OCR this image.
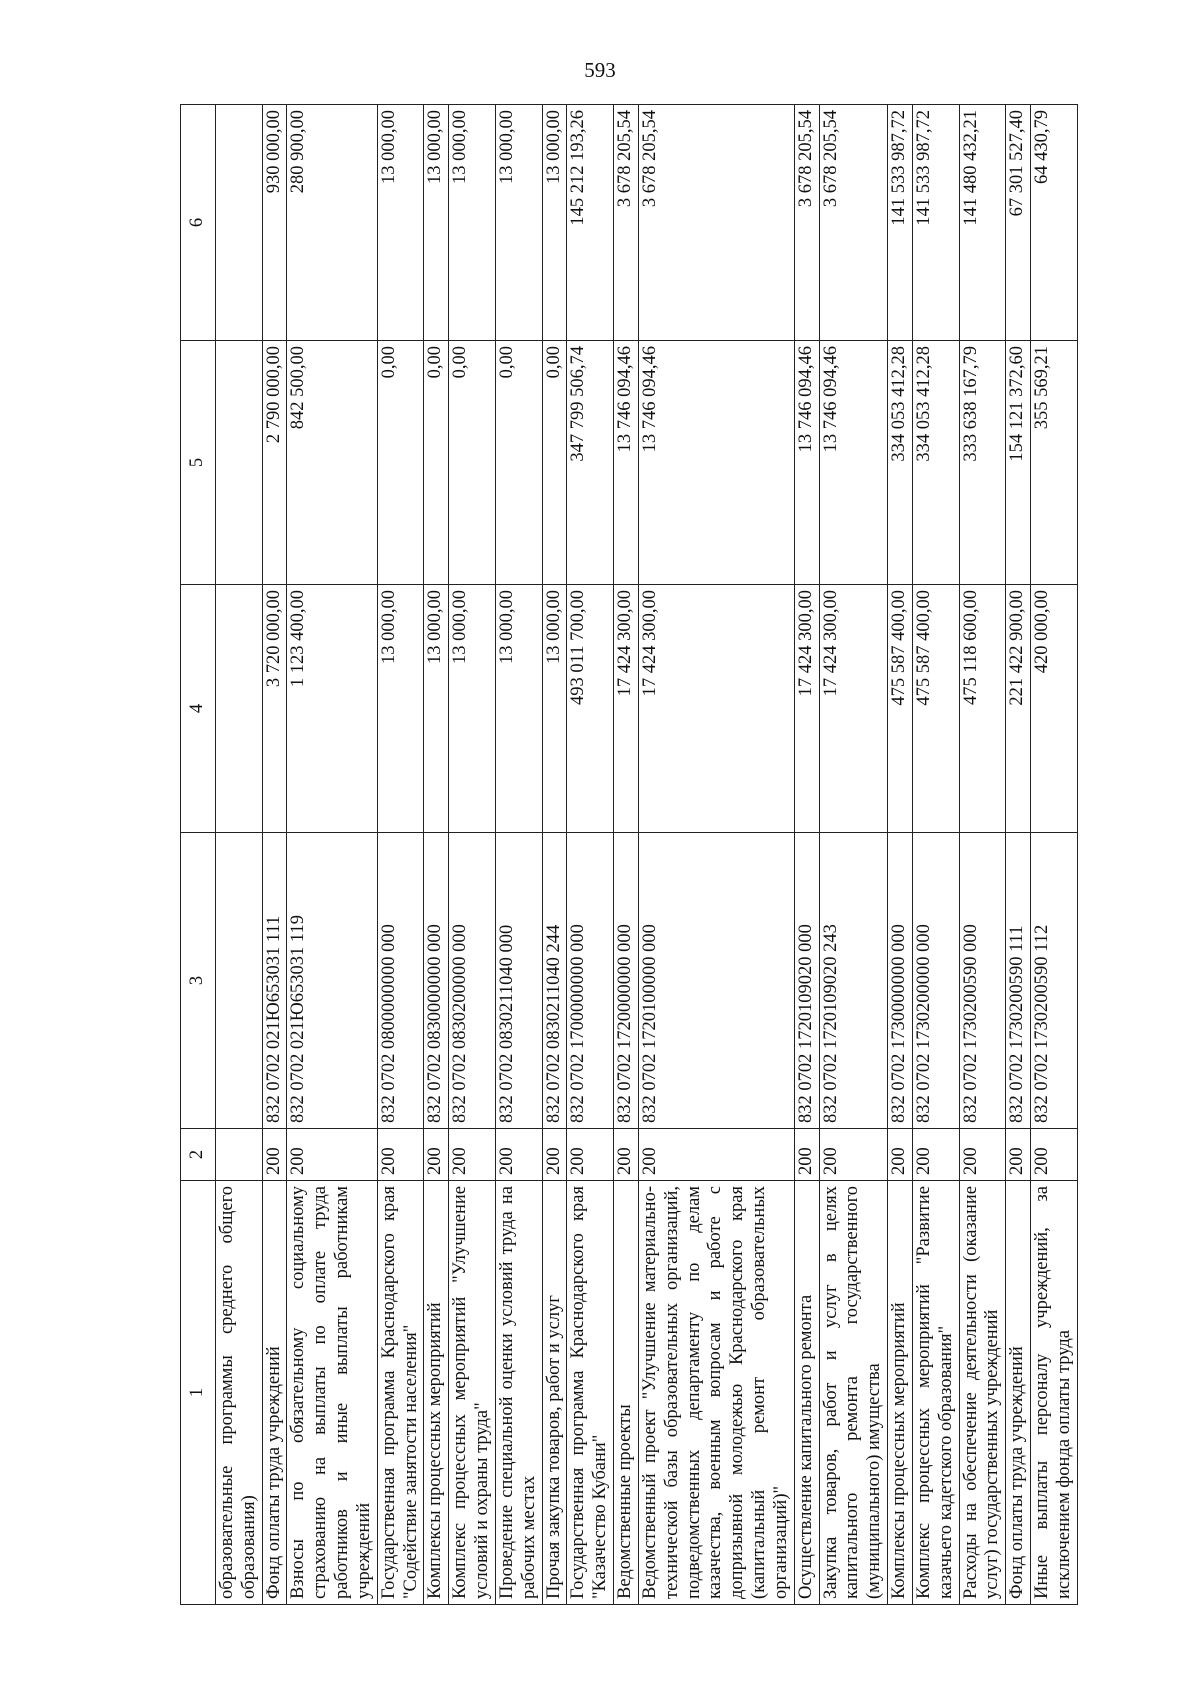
593
1	2	3	4	5	6
образовательные программы среднего общего образования)					
Фонд оплаты труда учреждений	200	832 0702 021Ю653031 111	3 720 000,00	2 790 000,00	930 000,00
Взносы по обязательному социальному страхованию на выплаты по оплате труда работников и иные выплаты работникам учреждений	200	832 0702 021Ю653031 119	1 123 400,00	842 500,00	280 900,00
Государственная программа Краснодарского края "Содействие занятости населения"	200	832 0702 0800000000 000	13 000,00	0,00	13 000,00
Комплексы процессных мероприятий	200	832 0702 0830000000 000	13 000,00	0,00	13 000,00
Комплекс процессных мероприятий "Улучшение условий и охраны труда"	200	832 0702 0830200000 000	13 000,00	0,00	13 000,00
Проведение специальной оценки условий труда на рабочих местах	200	832 0702 0830211040 000	13 000,00	0,00	13 000,00
Прочая закупка товаров, работ и услуг	200	832 0702 0830211040 244	13 000,00	0,00	13 000,00
Государственная программа Краснодарского края "Казачество Кубани"	200	832 0702 1700000000 000	493 011 700,00	347 799 506,74	145 212 193,26
Ведомственные проекты	200	832 0702 1720000000 000	17 424 300,00	13 746 094,46	3 678 205,54
Ведомственный проект "Улучшение материально-технической базы образовательных организаций, подведомственных департаменту по делам казачества, военным вопросам и работе с допризывной молодежью Краснодарского края (капитальный ремонт образовательных организаций)"	200	832 0702 1720100000 000	17 424 300,00	13 746 094,46	3 678 205,54
Осуществление капитального ремонта	200	832 0702 1720109020 000	17 424 300,00	13 746 094,46	3 678 205,54
Закупка товаров, работ и услуг в целях капитального ремонта государственного (муниципального) имущества	200	832 0702 1720109020 243	17 424 300,00	13 746 094,46	3 678 205,54
Комплексы процессных мероприятий	200	832 0702 1730000000 000	475 587 400,00	334 053 412,28	141 533 987,72
Комплекс процессных мероприятий "Развитие казачьего кадетского образования"	200	832 0702 1730200000 000	475 587 400,00	334 053 412,28	141 533 987,72
Расходы на обеспечение деятельности (оказание услуг) государственных учреждений	200	832 0702 1730200590 000	475 118 600,00	333 638 167,79	141 480 432,21
Фонд оплаты труда учреждений	200	832 0702 1730200590 111	221 422 900,00	154 121 372,60	67 301 527,40
Иные выплаты персоналу учреждений, за исключением фонда оплаты труда	200	832 0702 1730200590 112	420 000,00	355 569,21	64 430,79
